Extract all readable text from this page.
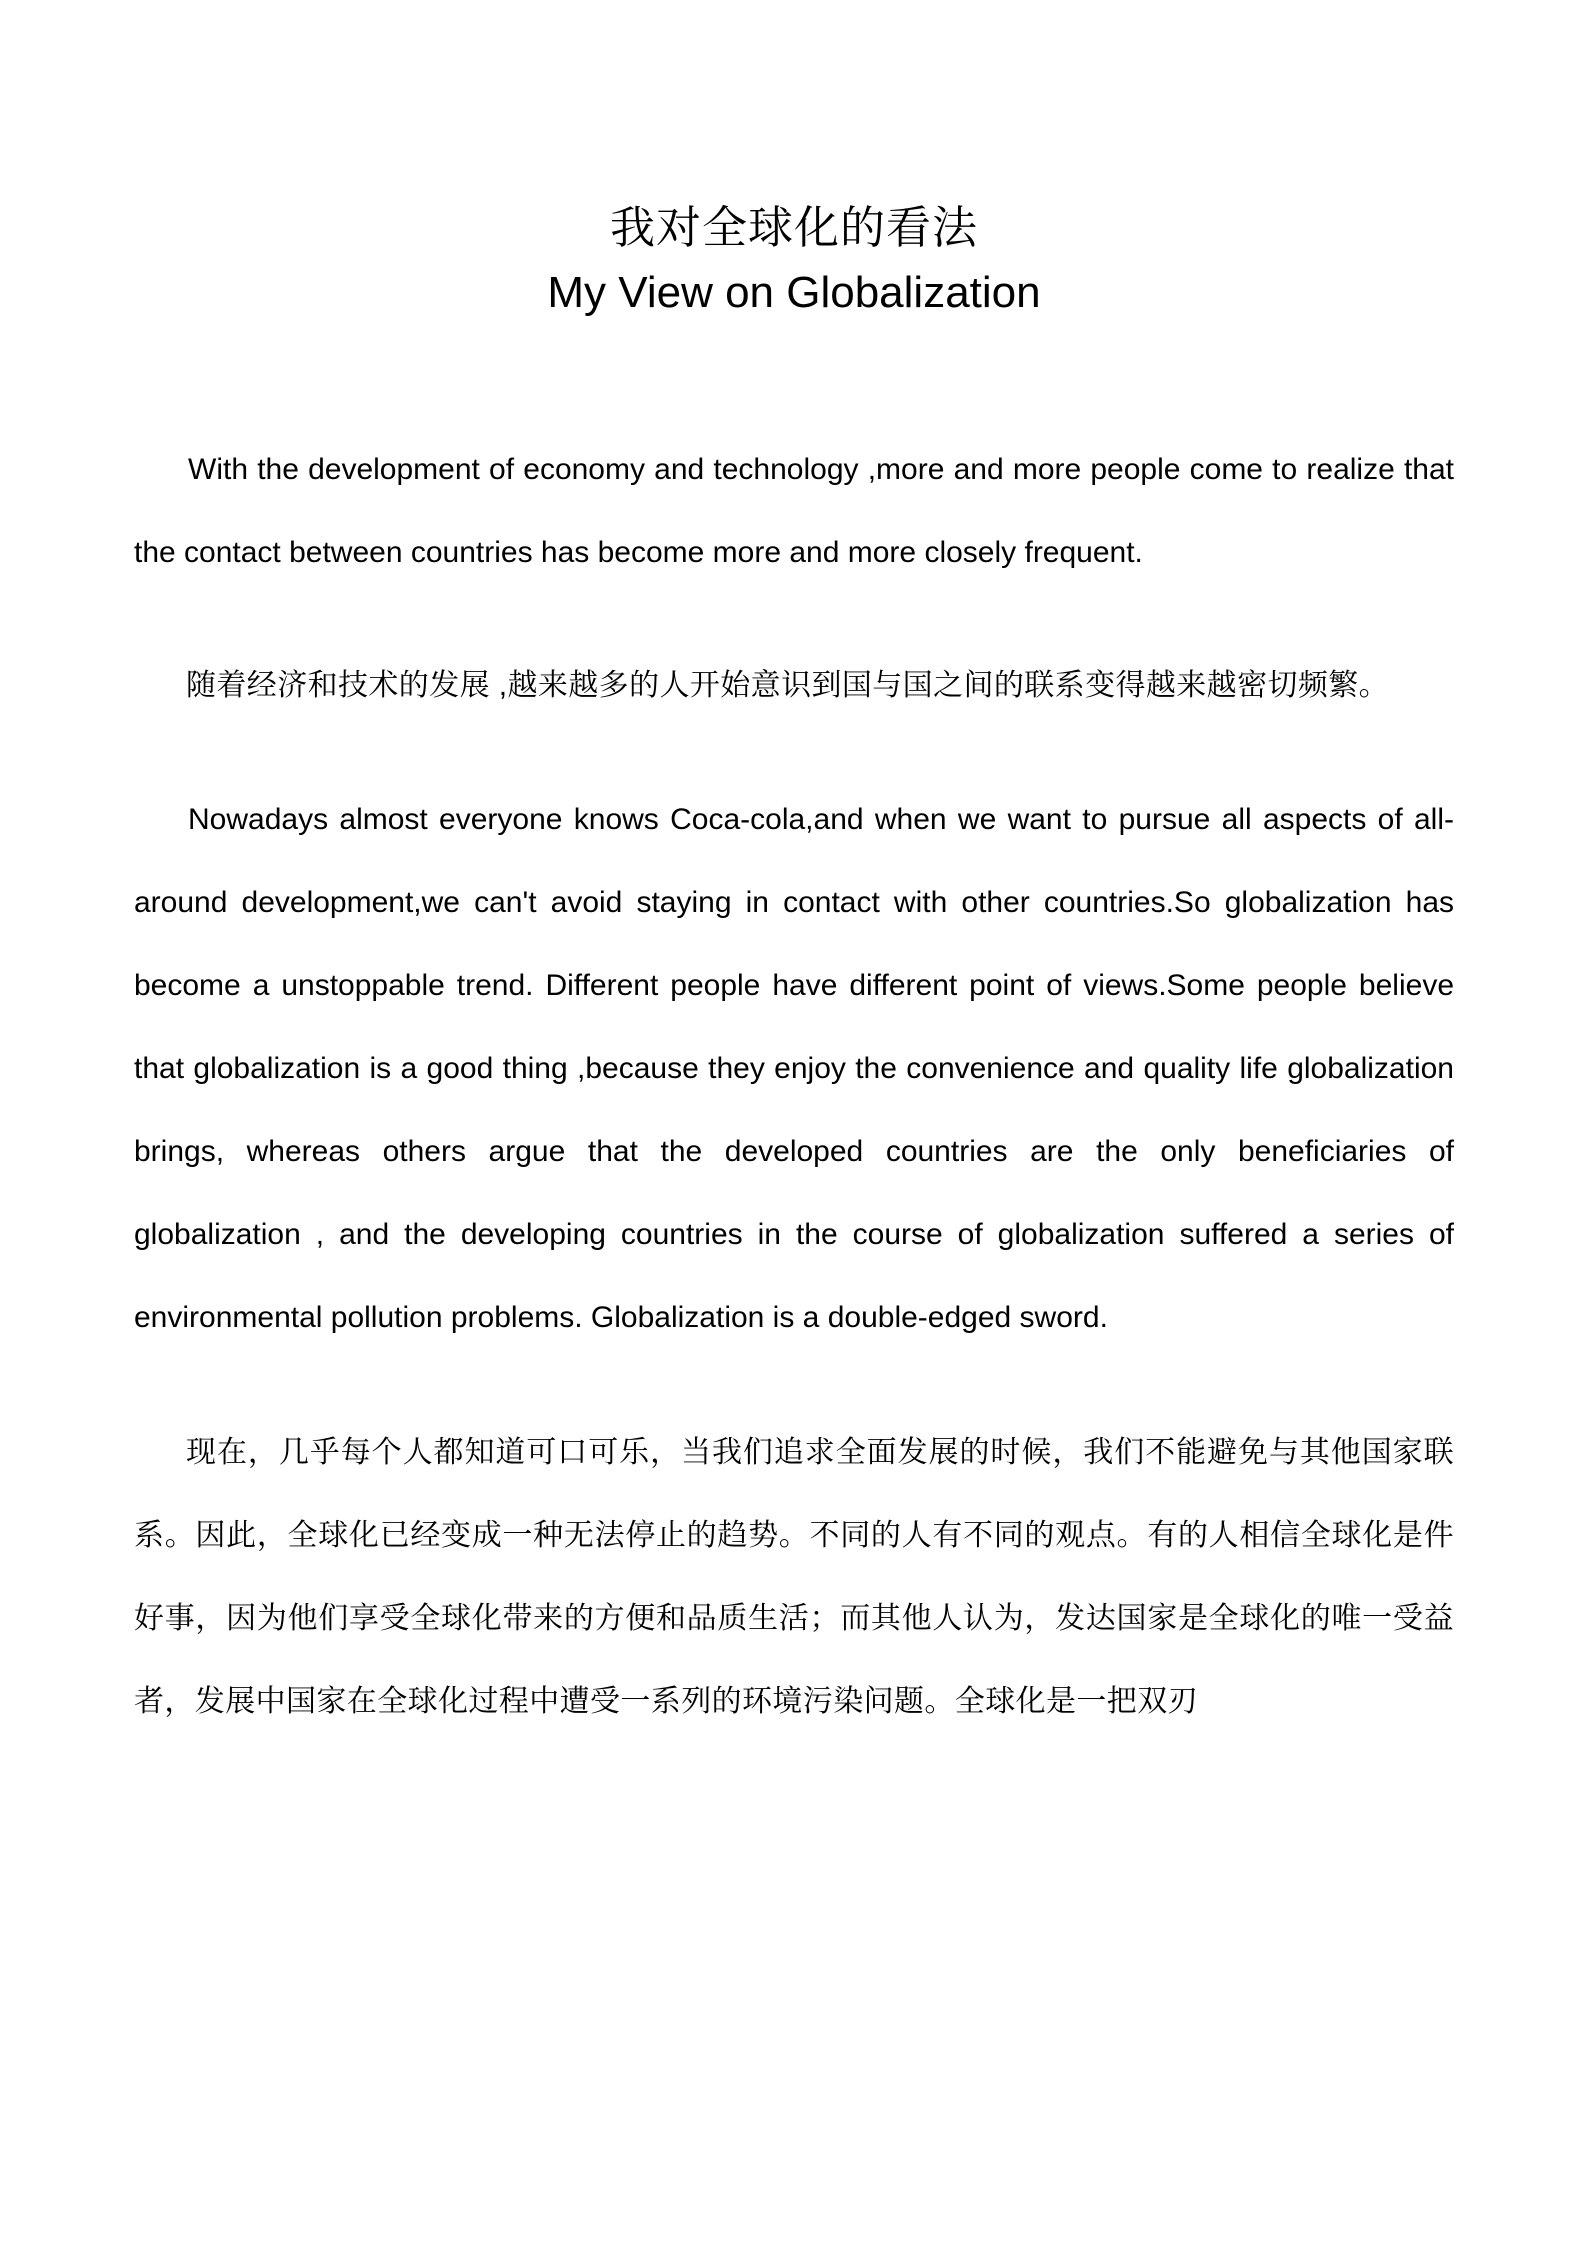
我对全球化的看法
My View on Globalization

With the development of economy and technology ,more and more people come to realize that the contact between countries has become more and more closely frequent.

随着经济和技术的发展 ,越来越多的人开始意识到国与国之间的联系变得越来越密切频繁。

Nowadays almost everyone knows Coca-cola,and when we want to pursue all aspects of all-around development,we can't avoid staying in contact with other countries.So globalization has become a unstoppable trend. Different people have different point of views.Some people believe that globalization is a good thing ,because they enjoy the convenience and quality life globalization brings, whereas others argue that the developed countries are the only beneficiaries of globalization , and the developing countries in the course of globalization suffered a series of environmental pollution problems. Globalization is a double-edged sword.

现在，几乎每个人都知道可口可乐，当我们追求全面发展的时候，我们不能避免与其他国家联系。因此，全球化已经变成一种无法停止的趋势。不同的人有不同的观点。有的人相信全球化是件好事，因为他们享受全球化带来的方便和品质生活；而其他人认为，发达国家是全球化的唯一受益者，发展中国家在全球化过程中遭受一系列的环境污染问题。全球化是一把双刃
